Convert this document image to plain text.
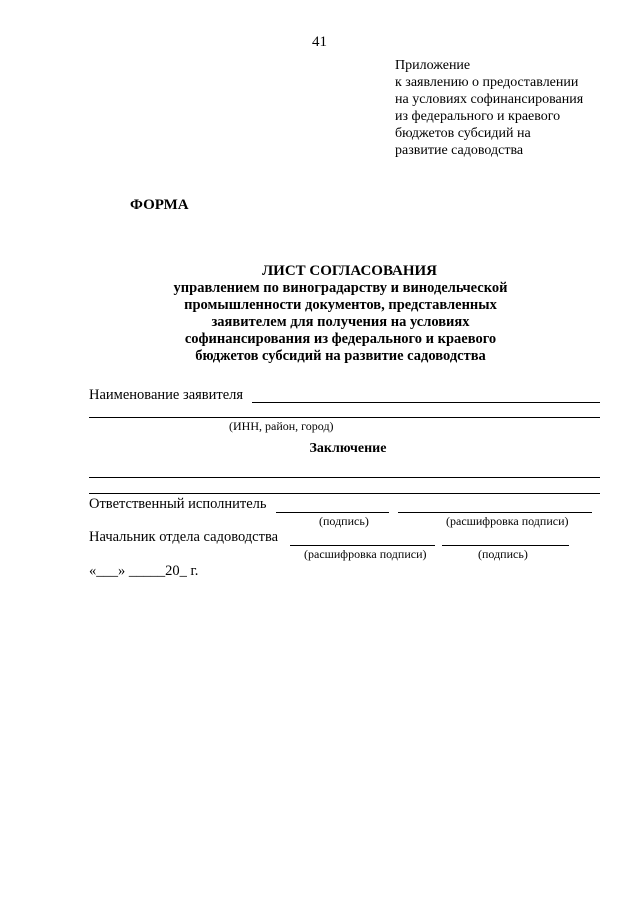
41
Приложение
к заявлению о предоставлении
на условиях софинансирования
из федерального и краевого
бюджетов субсидий на
развитие садоводства
ФОРМА
ЛИСТ СОГЛАСОВАНИЯ
управлением по виноградарству и винодельческой
промышленности документов, представленных
заявителем для получения на условиях
софинансирования из федерального и краевого
бюджетов субсидий на развитие садоводства
Наименование заявителя
(ИНН, район, город)
Заключение
Ответственный исполнитель
(подпись)	(расшифровка подписи)
Начальник отдела садоводства
(расшифровка подписи)	(подпись)
«___» _____20_ г.
